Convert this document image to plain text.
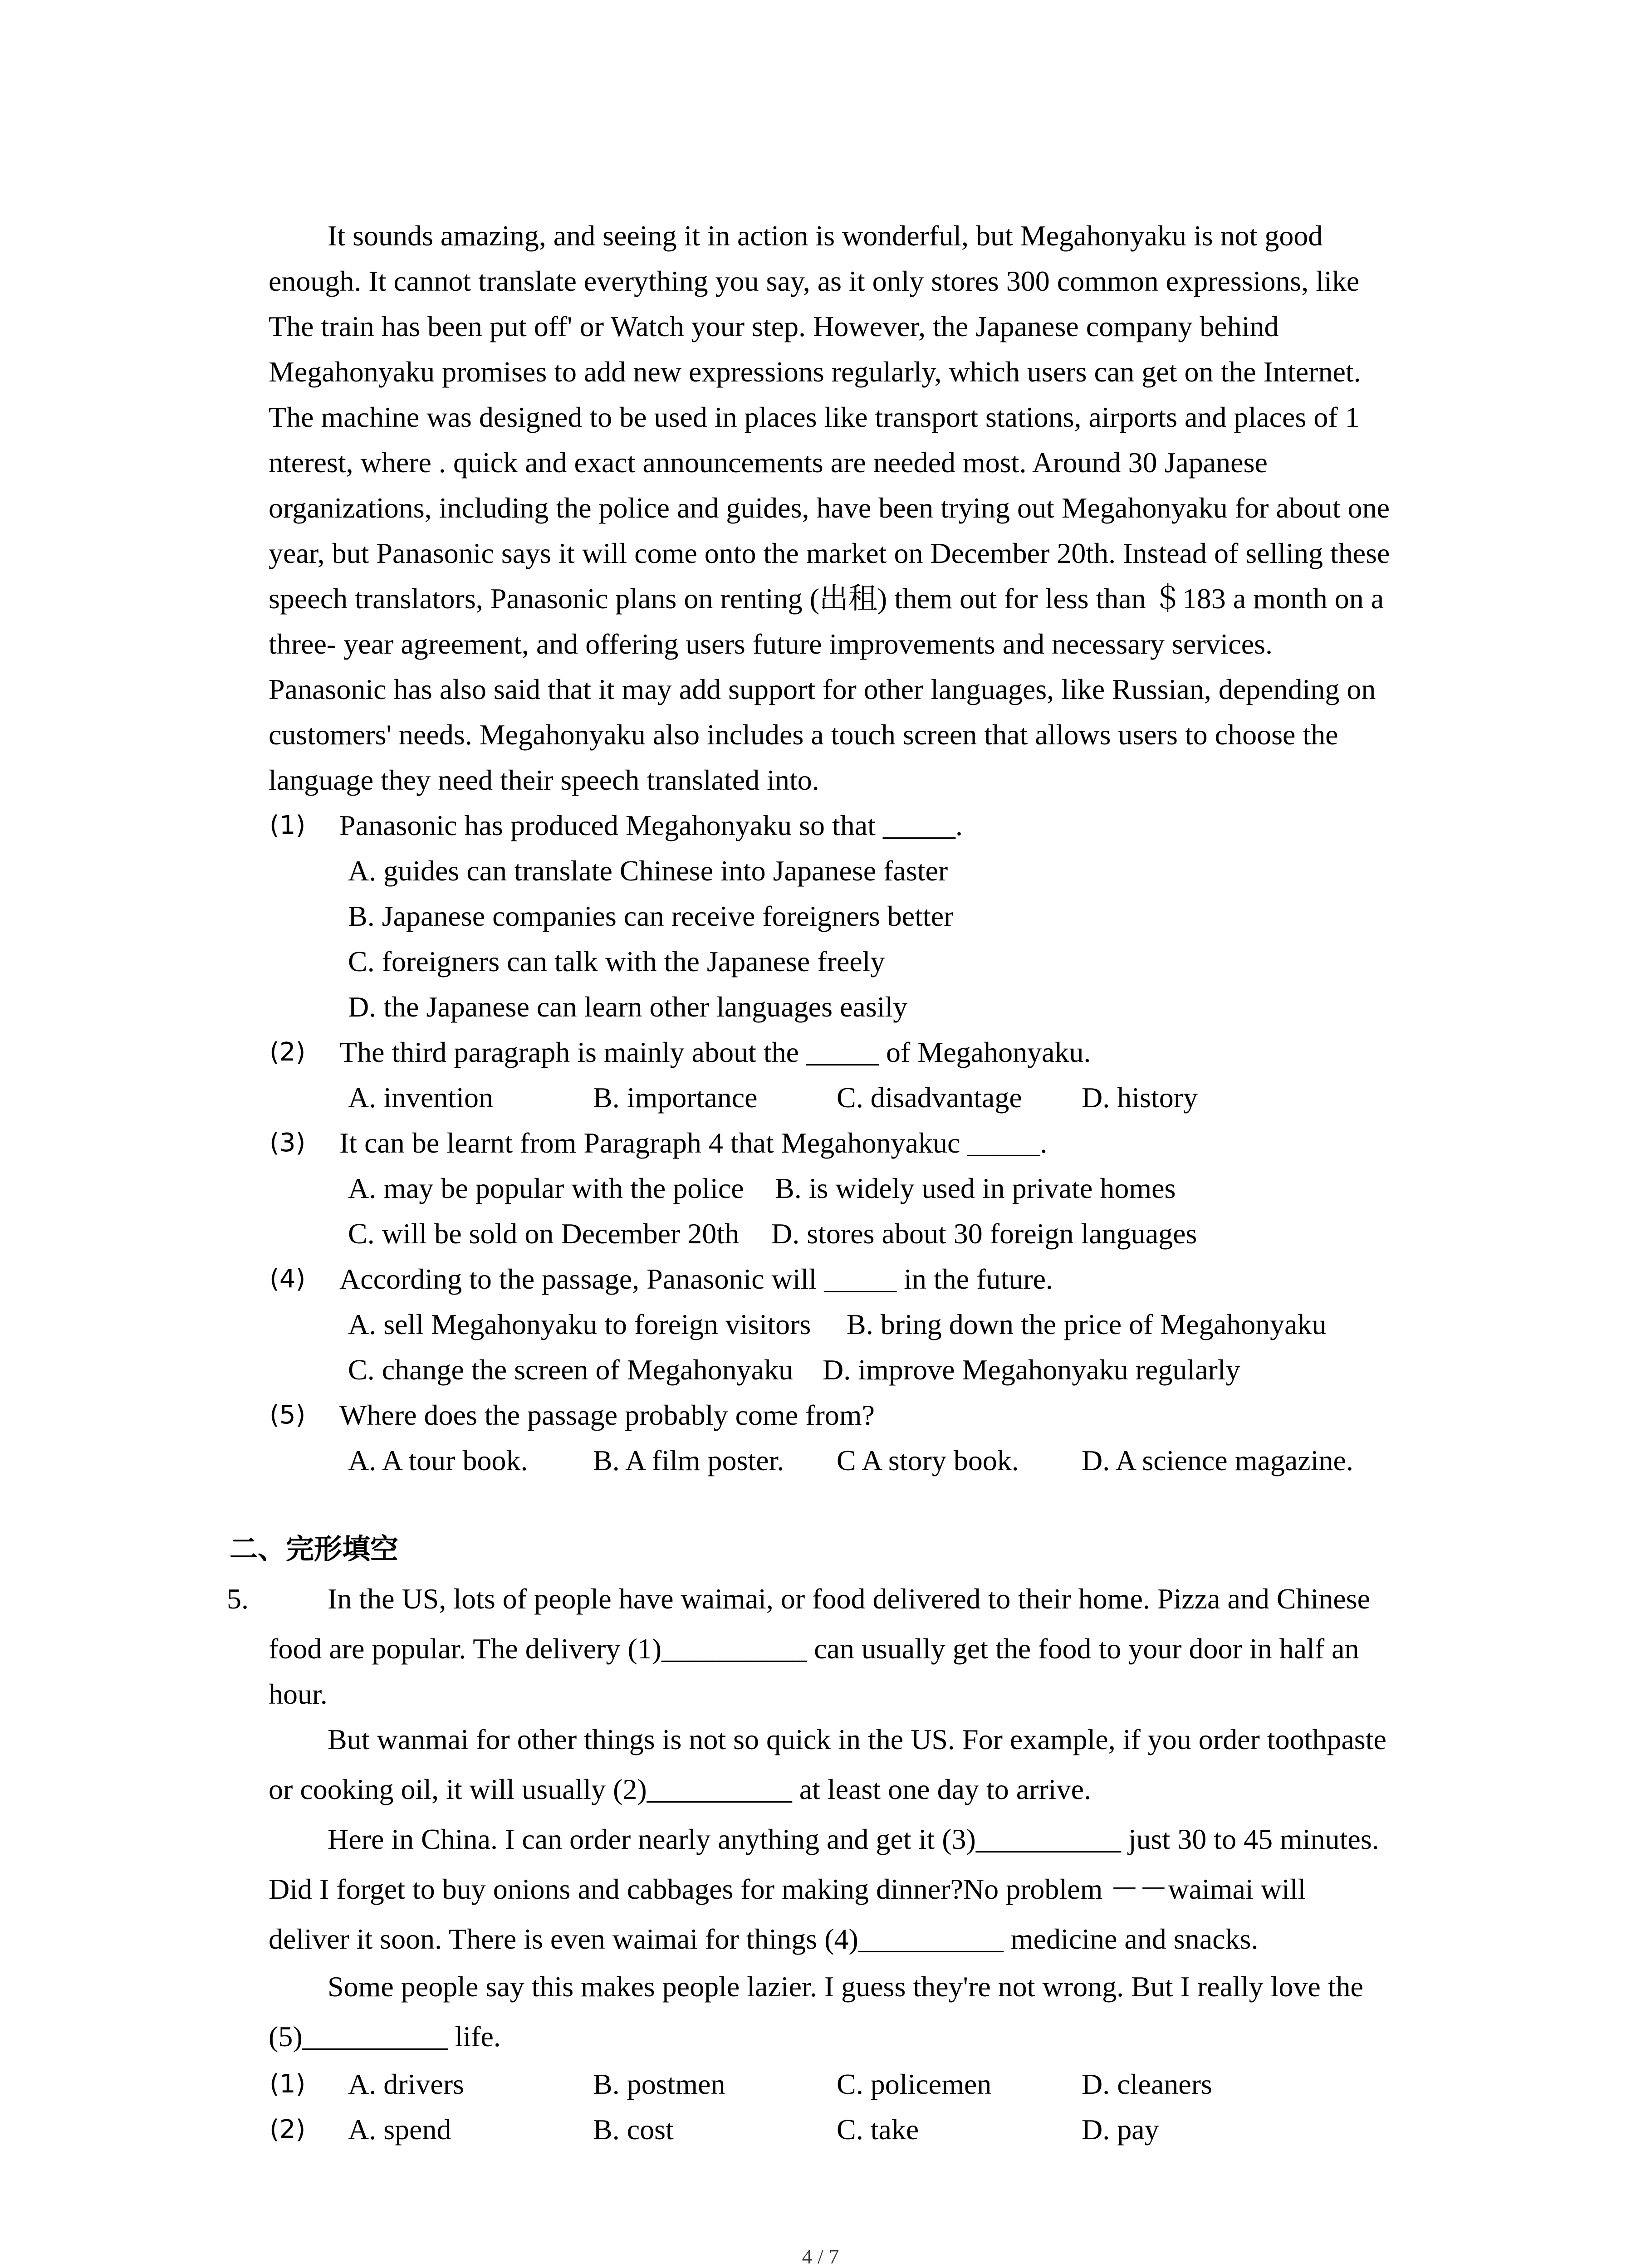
It sounds amazing, and seeing it in action is wonderful, but Megahonyaku is not good
enough. It cannot translate everything you say, as it only stores 300 common expressions, like
The train has been put off' or Watch your step. However, the Japanese company behind
Megahonyaku promises to add new expressions regularly, which users can get on the Internet.
The machine was designed to be used in places like transport stations, airports and places of 1
nterest, where . quick and exact announcements are needed most. Around 30 Japanese
organizations, including the police and guides, have been trying out Megahonyaku for about one
year, but Panasonic says it will come onto the market on December 20th. Instead of selling these
speech translators, Panasonic plans on renting (出租) them out for less than ＄183 a month on a
three- year agreement, and offering users future improvements and necessary services.
Panasonic has also said that it may add support for other languages, like Russian, depending on
customers' needs. Megahonyaku also includes a touch screen that allows users to choose the
language they need their speech translated into.
(1) Panasonic has produced Megahonyaku so that _____.
A. guides can translate Chinese into Japanese faster
B. Japanese companies can receive foreigners better
C. foreigners can talk with the Japanese freely
D. the Japanese can learn other languages easily
(2) The third paragraph is mainly about the _____ of Megahonyaku.
A. invention	B. importance	C. disadvantage D. history
(3) It can be learnt from Paragraph 4 that Megahonyakuc _____.
A. may be popular with the police B. is widely used in private homes
C. will be sold on December 20th D. stores about 30 foreign languages
(4) According to the passage, Panasonic will _____ in the future.
A. sell Megahonyaku to foreign visitors B. bring down the price of Megahonyaku
C. change the screen of Megahonyaku D. improve Megahonyaku regularly
(5) Where does the passage probably come from?
A. A tour book. B. A film poster. C A story book. D. A science magazine.
二、完形填空
5.	In the US, lots of people have waimai, or food delivered to their home. Pizza and Chinese
food are popular. The delivery (1)__________ can usually get the food to your door in half an
hour.
But wanmai for other things is not so quick in the US. For example, if you order toothpaste
or cooking oil, it will usually (2)__________ at least one day to arrive.
Here in China. I can order nearly anything and get it (3)__________ just 30 to 45 minutes.
Did I forget to buy onions and cabbages for making dinner?No problem －－waimai will
deliver it soon. There is even waimai for things (4)__________ medicine and snacks.
Some people say this makes people lazier. I guess they're not wrong. But I really love the
(5)__________ life.
(1) A. drivers	B. postmen	C. policemen	D. cleaners
(2) A. spend	B. cost	C. take	D. pay
4 / 7
